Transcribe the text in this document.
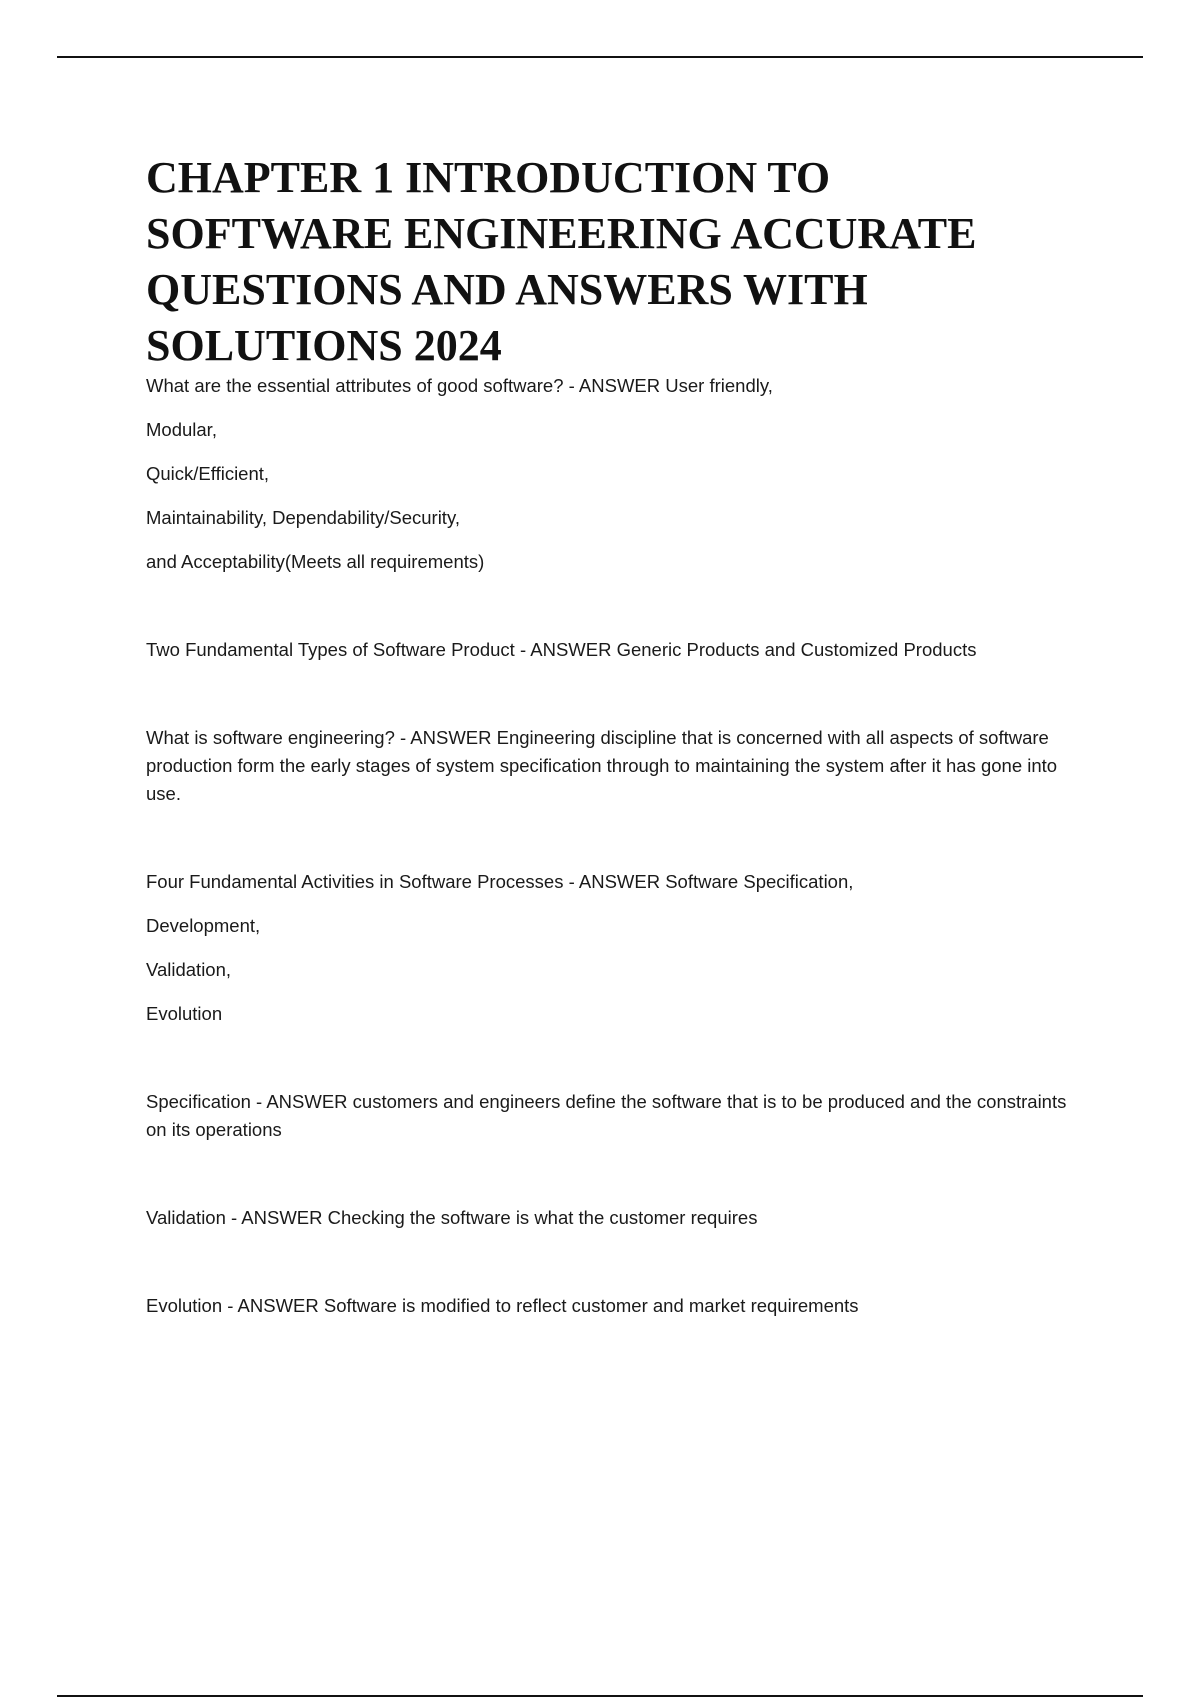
CHAPTER 1 INTRODUCTION TO SOFTWARE ENGINEERING ACCURATE QUESTIONS AND ANSWERS WITH SOLUTIONS 2024

What are the essential attributes of good software? - ANSWER User friendly,

Modular,

Quick/Efficient,

Maintainability, Dependability/Security,

and Acceptability(Meets all requirements)

Two Fundamental Types of Software Product - ANSWER Generic Products and Customized Products

What is software engineering? - ANSWER Engineering discipline that is concerned with all aspects of software production form the early stages of system specification through to maintaining the system after it has gone into use.

Four Fundamental Activities in Software Processes - ANSWER Software Specification,

Development,

Validation,

Evolution

Specification - ANSWER customers and engineers define the software that is to be produced and the constraints on its operations

Validation - ANSWER Checking the software is what the customer requires

Evolution - ANSWER Software is modified to reflect customer and market requirements
